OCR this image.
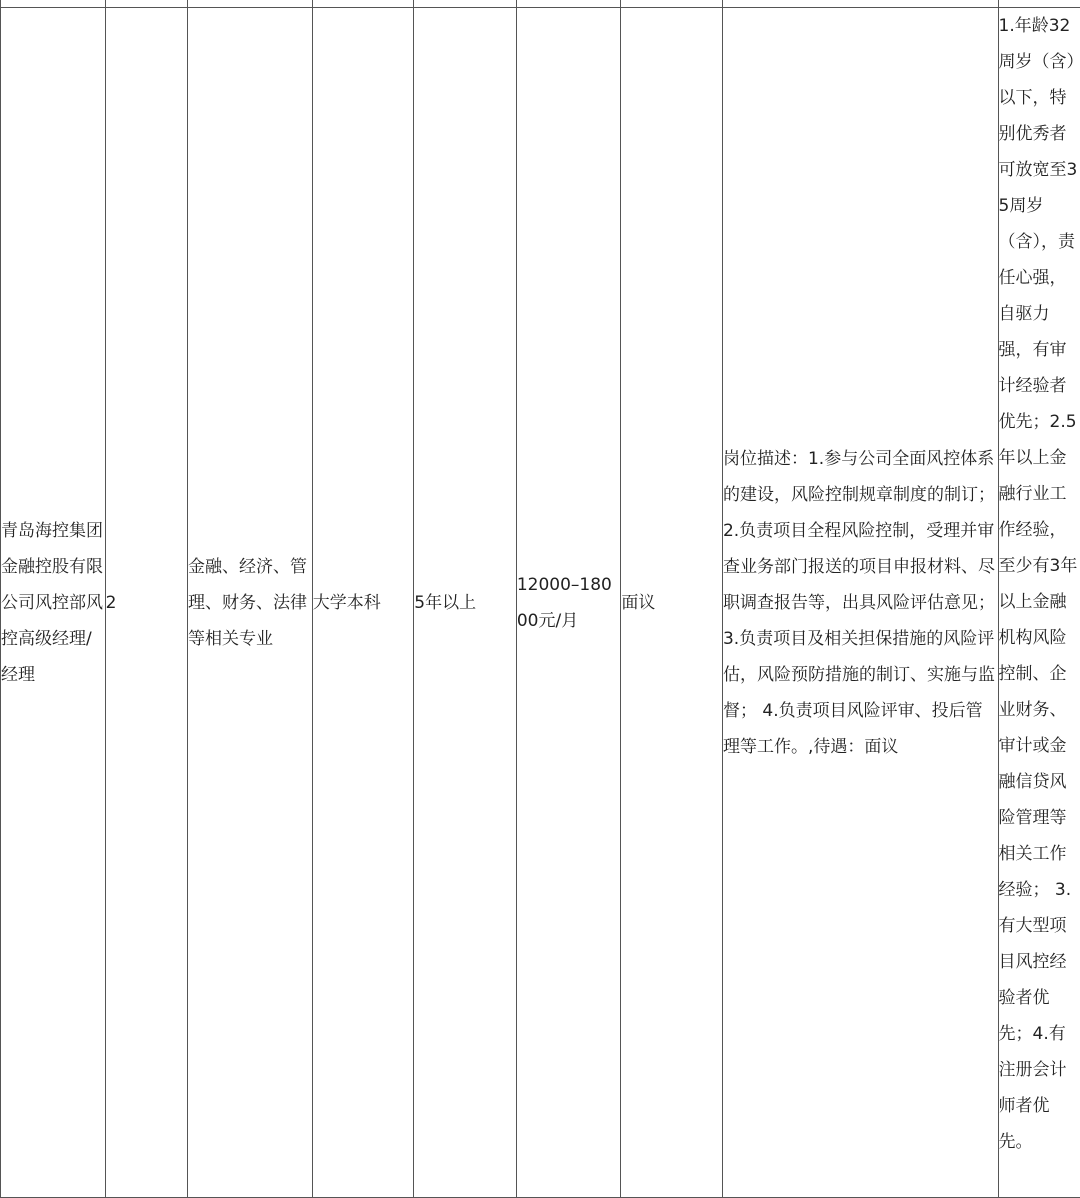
青岛海控集团金融控股有限公司风控部风控高级经理/经理	2	金融、经济、管理、财务、法律等相关专业	大学本科	5年以上	12000–18000元/月	面议	岗位描述：1.参与公司全面风控体系的建设，风险控制规章制度的制订； 2.负责项目全程风险控制，受理并审查业务部门报送的项目申报材料、尽职调查报告等，出具风险评估意见； 3.负责项目及相关担保措施的风险评估，风险预防措施的制订、实施与监督； 4.负责项目风险评审、投后管理等工作。,待遇：面议	1.年龄32周岁（含）以下，特别优秀者可放宽至35周岁（含），责任心强，自驱力强，有审计经验者优先；2.5年以上金融行业工作经验，至少有3年以上金融机构风险控制、企业财务、审计或金融信贷风险管理等相关工作经验； 3.有大型项目风控经验者优先；4.有注册会计师者优先。
